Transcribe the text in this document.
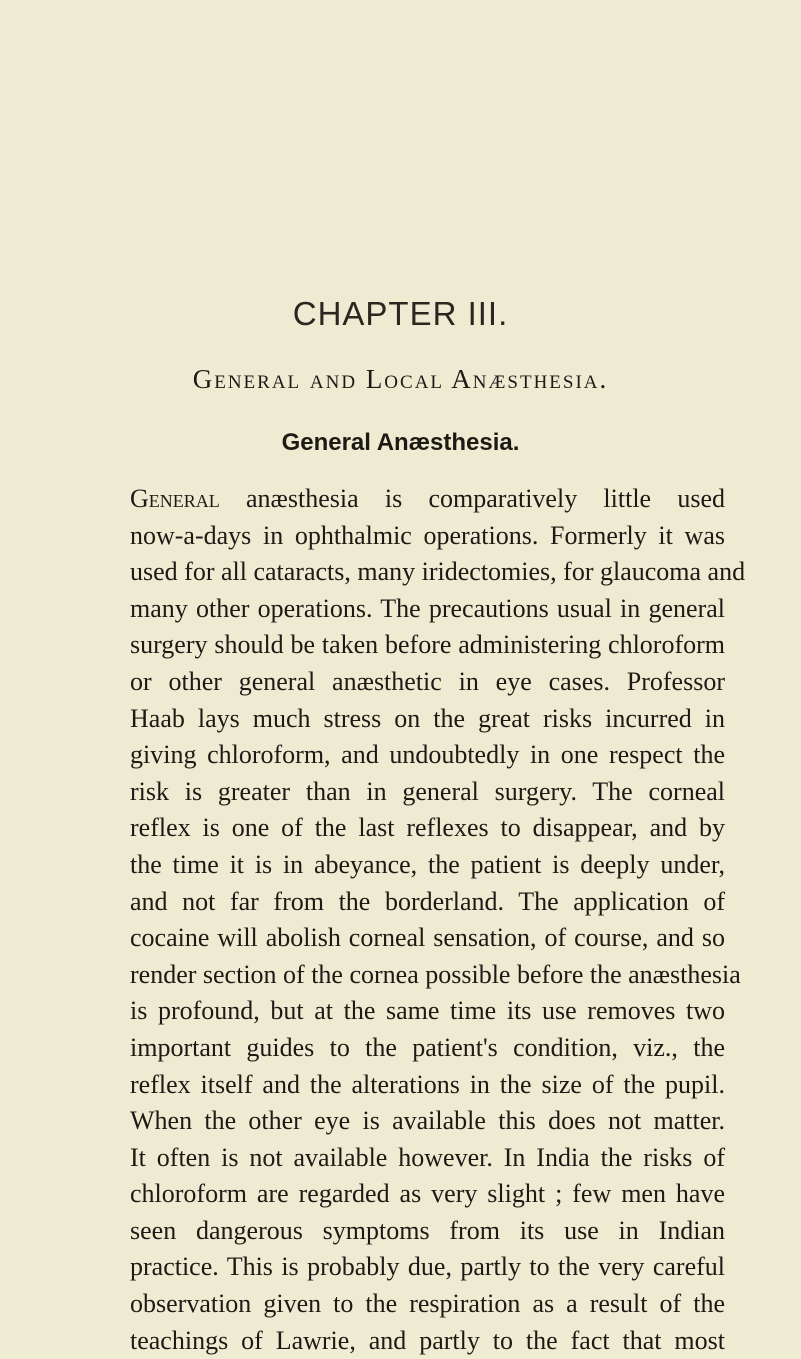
CHAPTER III.
General and Local Anæsthesia.
General Anæsthesia.
General anæsthesia is comparatively little used
now-a-days in ophthalmic operations. Formerly it was
used for all cataracts, many iridectomies, for glaucoma and
many other operations. The precautions usual in general
surgery should be taken before administering chloroform
or other general anæsthetic in eye cases. Professor
Haab lays much stress on the great risks incurred in
giving chloroform, and undoubtedly in one respect the
risk is greater than in general surgery. The corneal
reflex is one of the last reflexes to disappear, and by
the time it is in abeyance, the patient is deeply under,
and not far from the borderland. The application of
cocaine will abolish corneal sensation, of course, and so
render section of the cornea possible before the anæsthesia
is profound, but at the same time its use removes two
important guides to the patient's condition, viz., the
reflex itself and the alterations in the size of the pupil.
When the other eye is available this does not matter.
It often is not available however. In India the risks of
chloroform are regarded as very slight ; few men have
seen dangerous symptoms from its use in Indian
practice. This is probably due, partly to the very careful
observation given to the respiration as a result of the
teachings of Lawrie, and partly to the fact that most
